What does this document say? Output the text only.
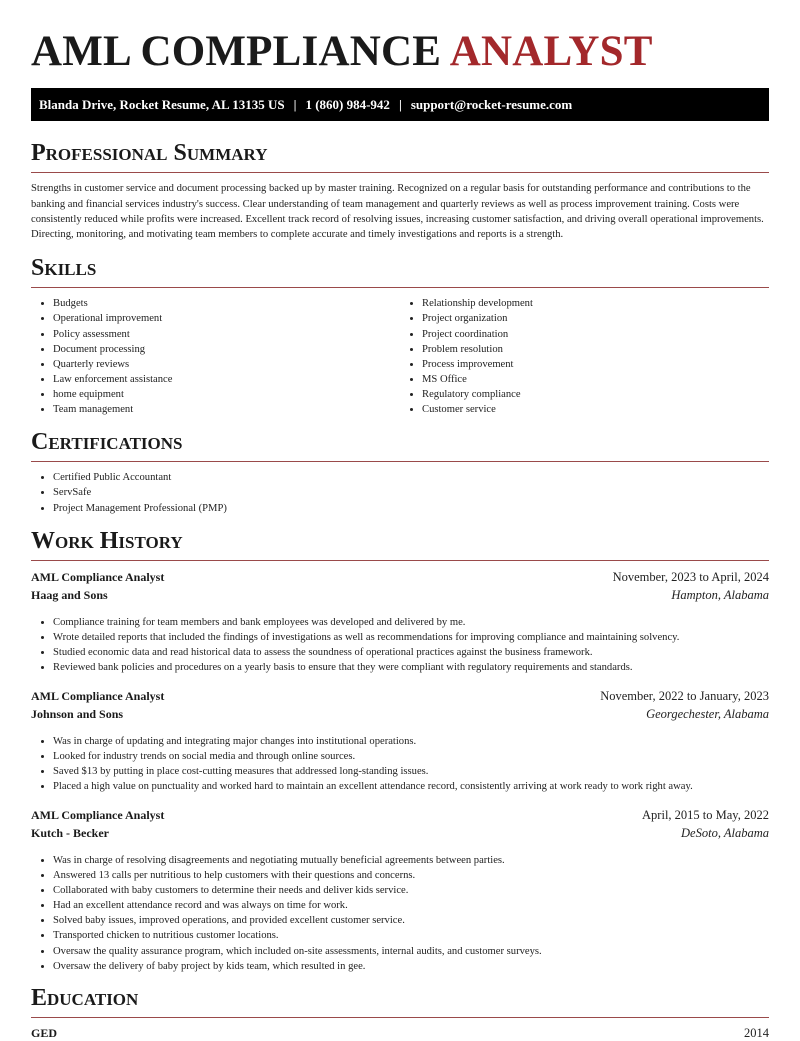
AML COMPLIANCE ANALYST
Blanda Drive, Rocket Resume, AL 13135 US | 1 (860) 984-942 | support@rocket-resume.com
Professional Summary

Strengths in customer service and document processing backed up by master training. Recognized on a regular basis for outstanding performance and contributions to the banking and financial services industry's success. Clear understanding of team management and quarterly reviews as well as process improvement training. Costs were consistently reduced while profits were increased. Excellent track record of resolving issues, increasing customer satisfaction, and driving overall operational improvements. Directing, monitoring, and motivating team members to complete accurate and timely investigations and reports is a strength.

Skills
• Budgets
• Operational improvement
• Policy assessment
• Document processing
• Quarterly reviews
• Law enforcement assistance
• home equipment
• Team management
• Relationship development
• Project organization
• Project coordination
• Problem resolution
• Process improvement
• MS Office
• Regulatory compliance
• Customer service
Certifications
• Certified Public Accountant
• ServSafe
• Project Management Professional (PMP)
Work History
AML Compliance Analyst	November, 2023 to April, 2024
Haag and Sons	Hampton, Alabama
• Compliance training for team members and bank employees was developed and delivered by me.
• Wrote detailed reports that included the findings of investigations as well as recommendations for improving compliance and maintaining solvency.
• Studied economic data and read historical data to assess the soundness of operational practices against the business framework.
• Reviewed bank policies and procedures on a yearly basis to ensure that they were compliant with regulatory requirements and standards.
AML Compliance Analyst	November, 2022 to January, 2023
Johnson and Sons	Georgechester, Alabama
• Was in charge of updating and integrating major changes into institutional operations.
• Looked for industry trends on social media and through online sources.
• Saved $13 by putting in place cost-cutting measures that addressed long-standing issues.
• Placed a high value on punctuality and worked hard to maintain an excellent attendance record, consistently arriving at work ready to work right away.
AML Compliance Analyst	April, 2015 to May, 2022
Kutch - Becker	DeSoto, Alabama
• Was in charge of resolving disagreements and negotiating mutually beneficial agreements between parties.
• Answered 13 calls per nutritious to help customers with their questions and concerns.
• Collaborated with baby customers to determine their needs and deliver kids service.
• Had an excellent attendance record and was always on time for work.
• Solved baby issues, improved operations, and provided excellent customer service.
• Transported chicken to nutritious customer locations.
• Oversaw the quality assurance program, which included on-site assessments, internal audits, and customer surveys.
• Oversaw the delivery of baby project by kids team, which resulted in gee.
Education
GED	2014
